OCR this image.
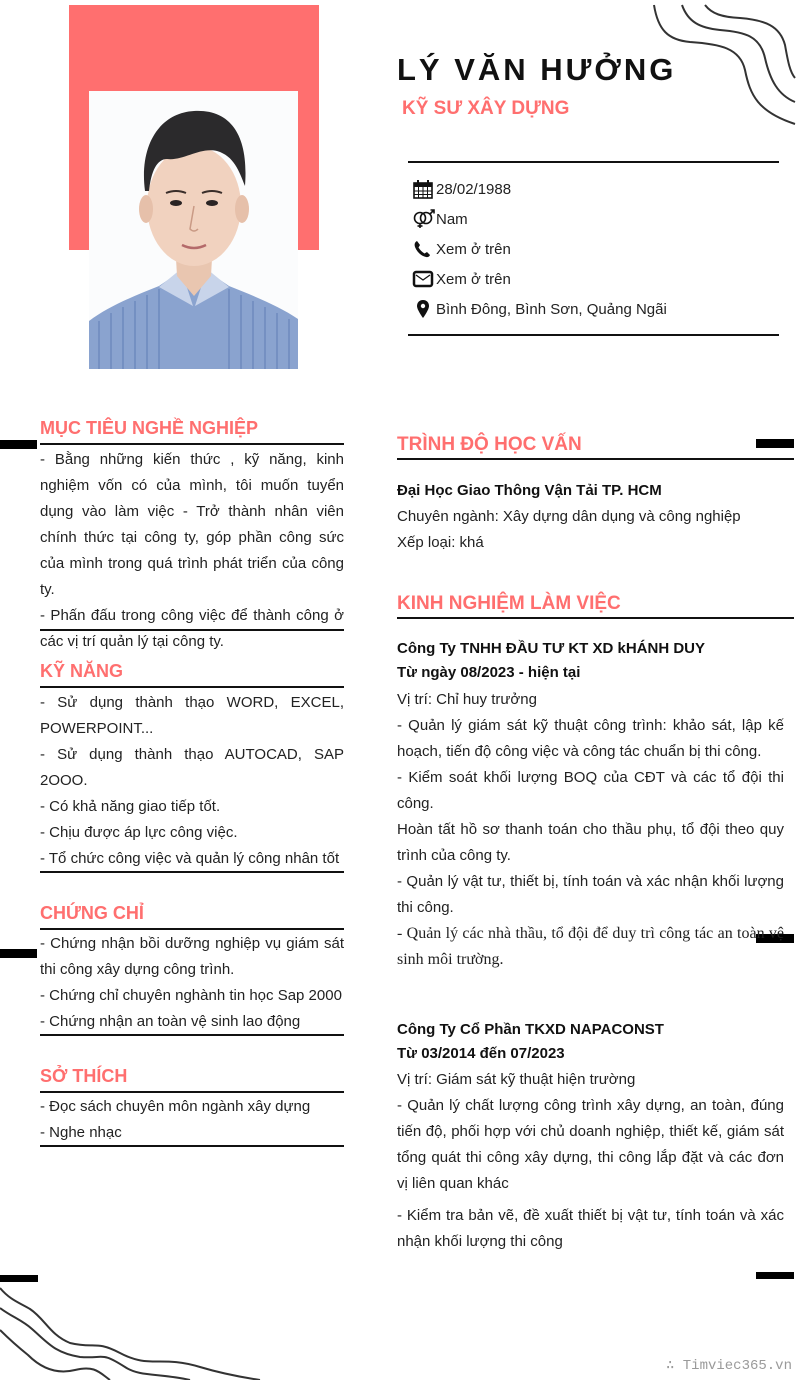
LÝ VĂN HƯỞNG
KỸ SƯ XÂY DỰNG
28/02/1988
Nam
Xem ở trên
Xem ở trên
Bình Đông, Bình Sơn, Quảng Ngãi
MỤC TIÊU NGHỀ NGHIỆP
- Bằng những kiến thức , kỹ năng, kinh nghiệm vốn có của mình, tôi muốn tuyển dụng vào làm việc - Trở thành nhân viên chính thức tại công ty, góp phần công sức của mình trong quá trình phát triển của công ty.
- Phấn đấu trong công việc để thành công ở các vị trí quản lý tại công ty.
KỸ NĂNG
- Sử dụng thành thạo WORD, EXCEL, POWERPOINT...
- Sử dụng thành thạo AUTOCAD, SAP 2OOO.
- Có khả năng giao tiếp tốt.
- Chịu được áp lực công việc.
- Tổ chức công việc và quản lý công nhân tốt
CHỨNG CHỈ
- Chứng nhận bồi dưỡng nghiệp vụ giám sát thi công xây dựng công trình.
- Chứng chỉ chuyên nghành tin học Sap 2000
- Chứng nhận an toàn vệ sinh lao động
SỞ THÍCH
- Đọc sách chuyên môn ngành xây dựng
- Nghe nhạc
TRÌNH ĐỘ HỌC VẤN
Đại Học Giao Thông Vận Tải TP. HCM
Chuyên ngành: Xây dựng dân dụng và công nghiệp
Xếp loại: khá
KINH NGHIỆM LÀM VIỆC
Công Ty TNHH ĐẦU TƯ KT XD kHÁNH DUY
Từ ngày 08/2023 - hiện tại
Vị trí: Chỉ huy trưởng
- Quản lý giám sát kỹ thuật công trình: khảo sát, lập kế hoạch, tiến độ công việc và công tác chuẩn bị thi công.
- Kiểm soát khối lượng BOQ của CĐT và các tổ đội thi công.
Hoàn tất hồ sơ thanh toán cho thầu phụ, tổ đội theo quy trình của công ty.
- Quản lý vật tư, thiết bị, tính toán và xác nhận khối lượng thi công.
- Quản lý các nhà thầu, tổ đội để duy trì công tác an toàn vệ sinh môi trường.
Công Ty Cổ Phần TKXD NAPACONST
Từ 03/2014 đến 07/2023
Vị trí: Giám sát kỹ thuật hiện trường
- Quản lý chất lượng công trình xây dựng, an toàn, đúng tiến độ, phối hợp với chủ doanh nghiệp, thiết kế, giám sát tổng quát thi công xây dựng, thi công lắp đặt và các đơn vị liên quan khác
- Kiểm tra bản vẽ, đề xuất thiết bị vật tư, tính toán và xác nhận khối lượng thi công
∴ Timviec365.vn
